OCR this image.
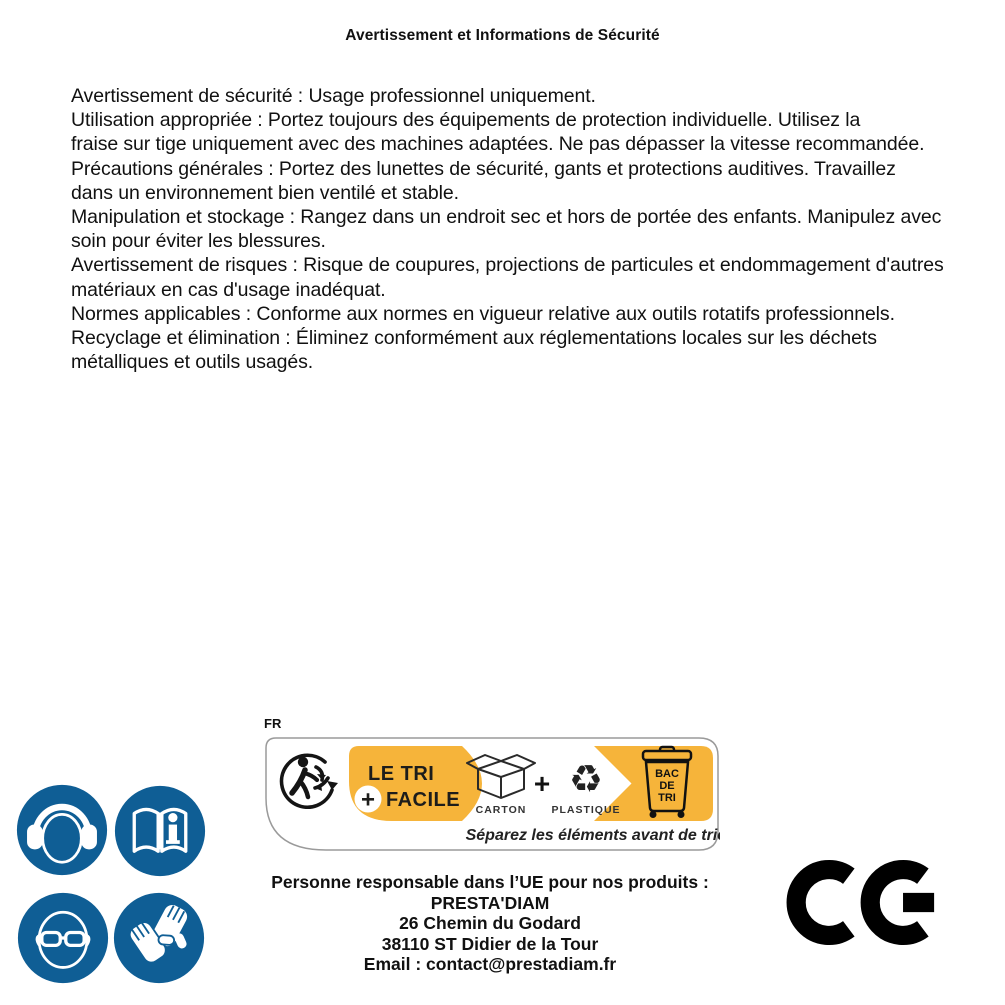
Avertissement et Informations de Sécurité
Avertissement de sécurité : Usage professionnel uniquement.
Utilisation appropriée : Portez toujours des équipements de protection individuelle. Utilisez la
fraise sur tige uniquement avec des machines adaptées. Ne pas dépasser la vitesse recommandée.
Précautions générales : Portez des lunettes de sécurité, gants et protections auditives. Travaillez
dans un environnement bien ventilé et stable.
Manipulation et stockage : Rangez dans un endroit sec et hors de portée des enfants. Manipulez avec
soin pour éviter les blessures.
Avertissement de risques : Risque de coupures, projections de particules et endommagement d'autres
matériaux en cas d'usage inadéquat.
Normes applicables : Conforme aux normes en vigueur relative aux outils rotatifs professionnels.
Recyclage et élimination : Éliminez conformément aux réglementations locales sur les déchets
métalliques et outils usagés.
FR
LE TRI
+ FACILE CARTON
+ ♻
PLASTIQUE
BAC
DE
TRI
Séparez les éléments avant de trier
Personne responsable dans l’UE pour nos produits :
PRESTA'DIAM
26 Chemin du Godard
38110 ST Didier de la Tour
Email : contact@prestadiam.fr
